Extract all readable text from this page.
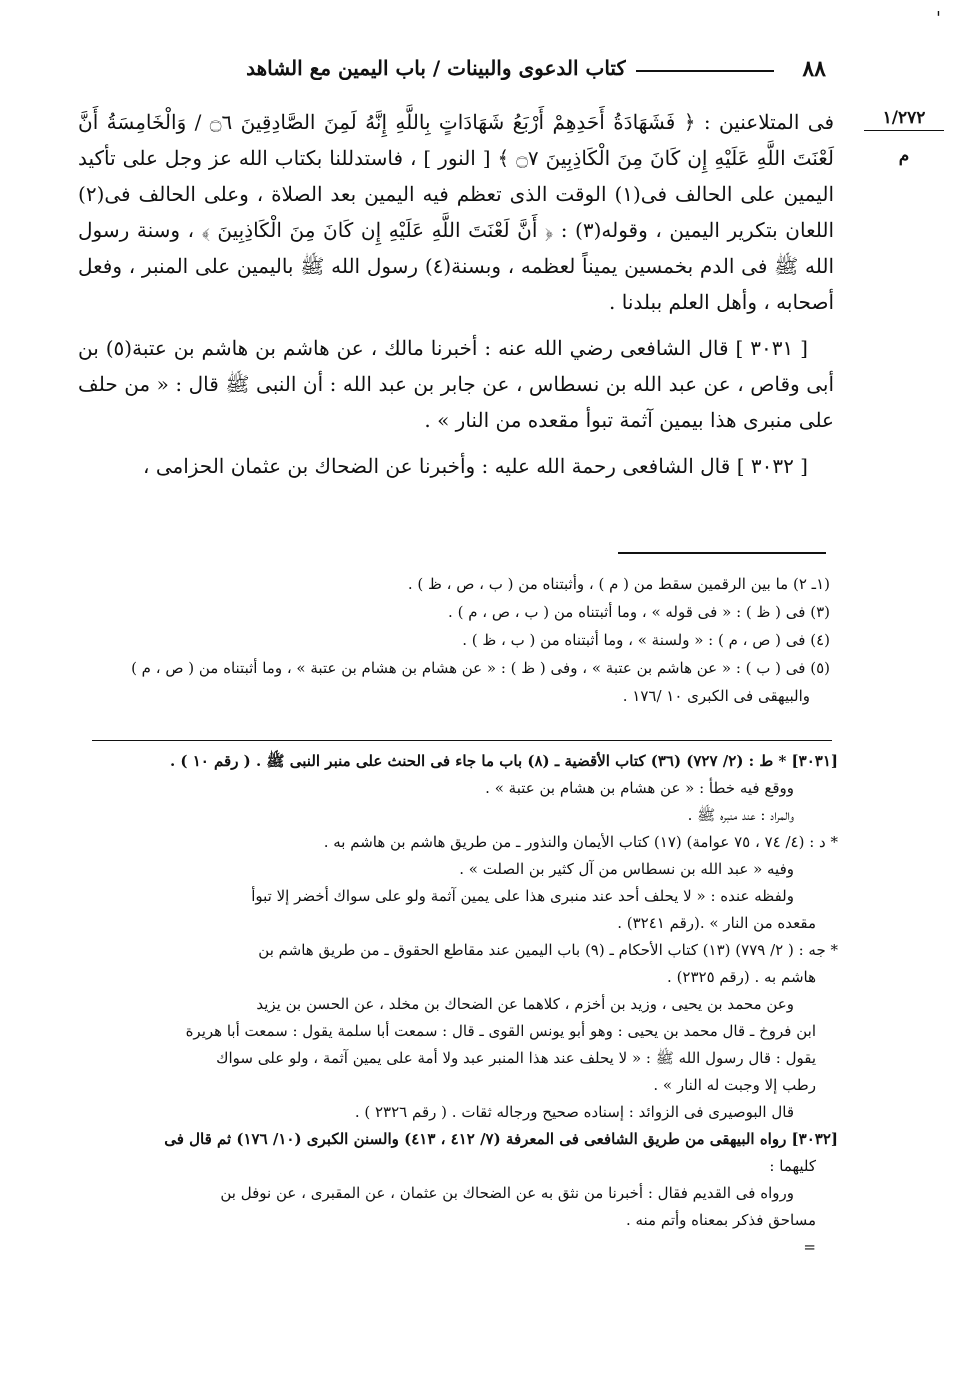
'
٨٨
كتاب الدعوى والبينات / باب اليمين مع الشاهد
١/٢٧٢
م

فى المتلاعنين : ﴿ فَشَهَادَةُ أَحَدِهِمْ أَرْبَعُ شَهَادَاتٍ بِاللَّهِ إِنَّهُ لَمِنَ الصَّادِقِينَ ۝٦ / وَالْخَامِسَةُ أَنَّ لَعْنَتَ اللَّهِ عَلَيْهِ إِن كَانَ مِنَ الْكَاذِبِينَ ۝٧ ﴾ [ النور ] ، فاستدللنا بكتاب الله عز وجل على تأكيد اليمين على الحالف فى(١) الوقت الذى تعظم فيه اليمين بعد الصلاة ، وعلى الحالف فى(٢) اللعان بتكرير اليمين ، وقوله(٣) : ﴿ أَنَّ لَعْنَتَ اللَّهِ عَلَيْهِ إِن كَانَ مِنَ الْكَاذِبِينَ ﴾ ، وسنة رسول الله ﷺ فى الدم بخمسين يميناً لعظمه ، وبسنة(٤) رسول الله ﷺ باليمين على المنبر ، وفعل أصحابه ، وأهل العلم ببلدنا .

[ ٣٠٣١ ] قال الشافعى رضي الله عنه : أخبرنا مالك ، عن هاشم بن هاشم بن عتبة(٥) بن أبى وقاص ، عن عبد الله بن نسطاس ، عن جابر بن عبد الله : أن النبى ﷺ قال : « من حلف على منبرى هذا بيمين آثمة تبوأ مقعده من النار » .

[ ٣٠٣٢ ] قال الشافعى رحمة الله عليه : وأخبرنا عن الضحاك بن عثمان الحزامى ،

(١ـ ٢) ما بين الرقمين سقط من ( م ) ، وأثبتناه من ( ب ، ص ، ظ ) .

(٣) فى ( ظ ) : « فى قوله » ، وما أثبتناه من ( ب ، ص ، م ) .

(٤) فى ( ص ، م ) : « ولسنة » ، وما أثبتناه من ( ب ، ظ ) .

(٥) فى ( ب ) : « عن هاشم بن عتبة » ، وفى ( ظ ) : « عن هشام بن هشام بن عتبة » ، وما أثبتناه من ( ص ، م )

والبيهقى فى الكبرى ١٠ /١٧٦ .

[٣٠٣١] * ط : (٢/ ٧٢٧) (٣٦) كتاب الأقضية ـ (٨) باب ما جاء فى الحنث على منبر النبى ﷺ . ( رقم ١٠ ) .

ووقع فيه خطأ : « عن هشام بن هشام بن عتبة » .

والمراد : عند منبره ﷺ .

* د : (٤/ ٧٤ ، ٧٥ عوامة) (١٧) كتاب الأيمان والنذور ـ من طريق هاشم بن هاشم به .

وفيه « عبد الله بن نسطاس من آل كثير بن الصلت » .

ولفظه عنده : « لا يحلف أحد عند منبرى هذا على يمين آثمة ولو على سواك أخضر إلا تبوأ

مقعده من النار » .(رقم ٣٢٤١) .

* جه : ( ٢/ ٧٧٩) (١٣) كتاب الأحكام ـ (٩) باب اليمين عند مقاطع الحقوق ـ من طريق هاشم بن

هاشم به . (رقم ٢٣٢٥) .

وعن محمد بن يحيى ، وزيد بن أخزم ، كلاهما عن الضحاك بن مخلد ، عن الحسن بن يزيد

ابن فروخ ـ قال محمد بن يحيى : وهو أبو يونس القوى ـ قال : سمعت أبا سلمة يقول : سمعت أبا هريرة

يقول : قال رسول الله ﷺ : « لا يحلف عند هذا المنبر عبد ولا أمة على يمين آثمة ، ولو على سواك

رطب إلا وجبت له النار » .

قال البوصيرى فى الزوائد : إسناده صحيح ورجاله ثقات . ( رقم ٢٣٢٦ ) .

[٣٠٣٢] رواه البيهقى من طريق الشافعى فى المعرفة (٧/ ٤١٢ ، ٤١٣) والسنن الكبرى (١٠/ ١٧٦) ثم قال فى

كليهما :

ورواه فى القديم فقال : أخبرنا من نثق به عن الضحاك بن عثمان ، عن المقبرى ، عن نوفل بن

مساحق فذكر بمعناه وأتم منه .

=
